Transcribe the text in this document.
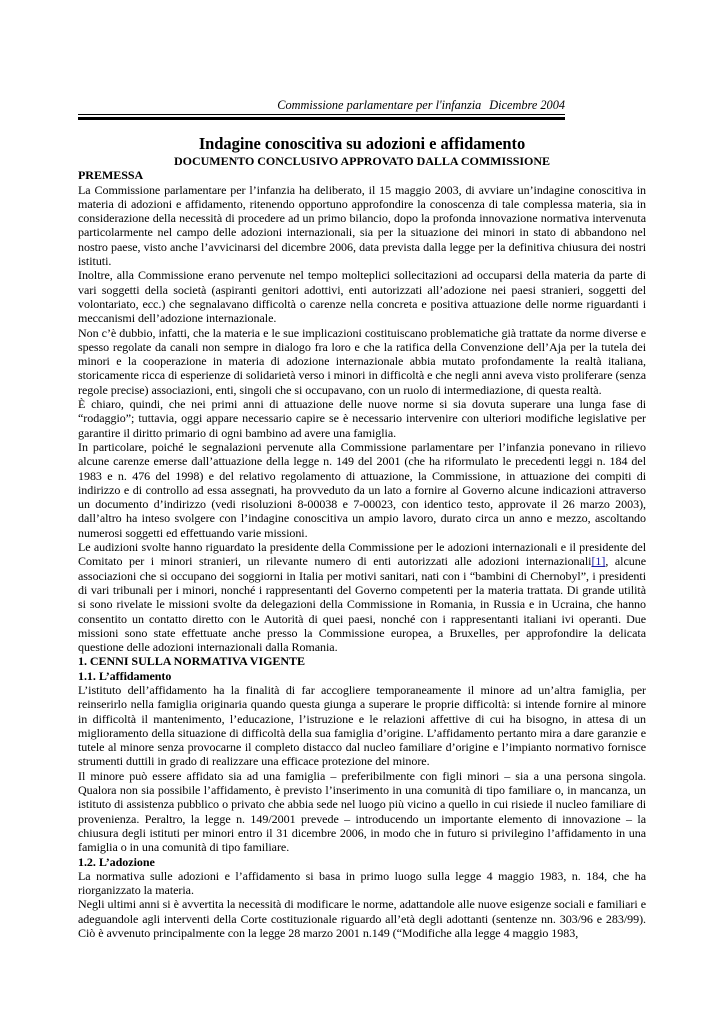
Commissione parlamentare per l'infanzia Dicembre 2004
Indagine conoscitiva su adozioni e affidamento
DOCUMENTO CONCLUSIVO APPROVATO DALLA COMMISSIONE
PREMESSA

La Commissione parlamentare per l’infanzia ha deliberato, il 15 maggio 2003, di avviare un’indagine conoscitiva in materia di adozioni e affidamento, ritenendo opportuno approfondire la conoscenza di tale complessa materia, sia in considerazione della necessità di procedere ad un primo bilancio, dopo la profonda innovazione normativa intervenuta particolarmente nel campo delle adozioni internazionali, sia per la situazione dei minori in stato di abbandono nel nostro paese, visto anche l’avvicinarsi del dicembre 2006, data prevista dalla legge per la definitiva chiusura dei nostri istituti.

Inoltre, alla Commissione erano pervenute nel tempo molteplici sollecitazioni ad occuparsi della materia da parte di vari soggetti della società (aspiranti genitori adottivi, enti autorizzati all’adozione nei paesi stranieri, soggetti del volontariato, ecc.) che segnalavano difficoltà o carenze nella concreta e positiva attuazione delle norme riguardanti i meccanismi dell’adozione internazionale.

Non c’è dubbio, infatti, che la materia e le sue implicazioni costituiscano problematiche già trattate da norme diverse e spesso regolate da canali non sempre in dialogo fra loro e che la ratifica della Convenzione dell’Aja per la tutela dei minori e la cooperazione in materia di adozione internazionale abbia mutato profondamente la realtà italiana, storicamente ricca di esperienze di solidarietà verso i minori in difficoltà e che negli anni aveva visto proliferare (senza regole precise) associazioni, enti, singoli che si occupavano, con un ruolo di intermediazione, di questa realtà.

È chiaro, quindi, che nei primi anni di attuazione delle nuove norme si sia dovuta superare una lunga fase di “rodaggio”; tuttavia, oggi appare necessario capire se è necessario intervenire con ulteriori modifiche legislative per garantire il diritto primario di ogni bambino ad avere una famiglia.

In particolare, poiché le segnalazioni pervenute alla Commissione parlamentare per l’infanzia ponevano in rilievo alcune carenze emerse dall’attuazione della legge n. 149 del 2001 (che ha riformulato le precedenti leggi n. 184 del 1983 e n. 476 del 1998) e del relativo regolamento di attuazione, la Commissione, in attuazione dei compiti di indirizzo e di controllo ad essa assegnati, ha provveduto da un lato a fornire al Governo alcune indicazioni attraverso un documento d’indirizzo (vedi risoluzioni 8-00038 e 7-00023, con identico testo, approvate il 26 marzo 2003), dall’altro ha inteso svolgere con l’indagine conoscitiva un ampio lavoro, durato circa un anno e mezzo, ascoltando numerosi soggetti ed effettuando varie missioni.

Le audizioni svolte hanno riguardato la presidente della Commissione per le adozioni internazionali e il presidente del Comitato per i minori stranieri, un rilevante numero di enti autorizzati alle adozioni internazionali[1], alcune associazioni che si occupano dei soggiorni in Italia per motivi sanitari, nati con i “bambini di Chernobyl”, i presidenti di vari tribunali per i minori, nonché i rappresentanti del Governo competenti per la materia trattata. Di grande utilità si sono rivelate le missioni svolte da delegazioni della Commissione in Romania, in Russia e in Ucraina, che hanno consentito un contatto diretto con le Autorità di quei paesi, nonché con i rappresentanti italiani ivi operanti. Due missioni sono state effettuate anche presso la Commissione europea, a Bruxelles, per approfondire la delicata questione delle adozioni internazionali dalla Romania.

1. CENNI SULLA NORMATIVA VIGENTE
1.1. L’affidamento

L’istituto dell’affidamento ha la finalità di far accogliere temporaneamente il minore ad un’altra famiglia, per reinserirlo nella famiglia originaria quando questa giunga a superare le proprie difficoltà: si intende fornire al minore in difficoltà il mantenimento, l’educazione, l’istruzione e le relazioni affettive di cui ha bisogno, in attesa di un miglioramento della situazione di difficoltà della sua famiglia d’origine. L’affidamento pertanto mira a dare garanzie e tutele al minore senza provocarne il completo distacco dal nucleo familiare d’origine e l’impianto normativo fornisce strumenti duttili in grado di realizzare una efficace protezione del minore.

Il minore può essere affidato sia ad una famiglia – preferibilmente con figli minori – sia a una persona singola. Qualora non sia possibile l’affidamento, è previsto l’inserimento in una comunità di tipo familiare o, in mancanza, un istituto di assistenza pubblico o privato che abbia sede nel luogo più vicino a quello in cui risiede il nucleo familiare di provenienza. Peraltro, la legge n. 149/2001 prevede – introducendo un importante elemento di innovazione – la chiusura degli istituti per minori entro il 31 dicembre 2006, in modo che in futuro si privilegino l’affidamento in una famiglia o in una comunità di tipo familiare.

1.2. L’adozione

La normativa sulle adozioni e l’affidamento si basa in primo luogo sulla legge 4 maggio 1983, n. 184, che ha riorganizzato la materia.

Negli ultimi anni si è avvertita la necessità di modificare le norme, adattandole alle nuove esigenze sociali e familiari e adeguandole agli interventi della Corte costituzionale riguardo all’età degli adottanti (sentenze nn. 303/96 e 283/99). Ciò è avvenuto principalmente con la legge 28 marzo 2001 n.149 (“Modifiche alla legge 4 maggio 1983,
